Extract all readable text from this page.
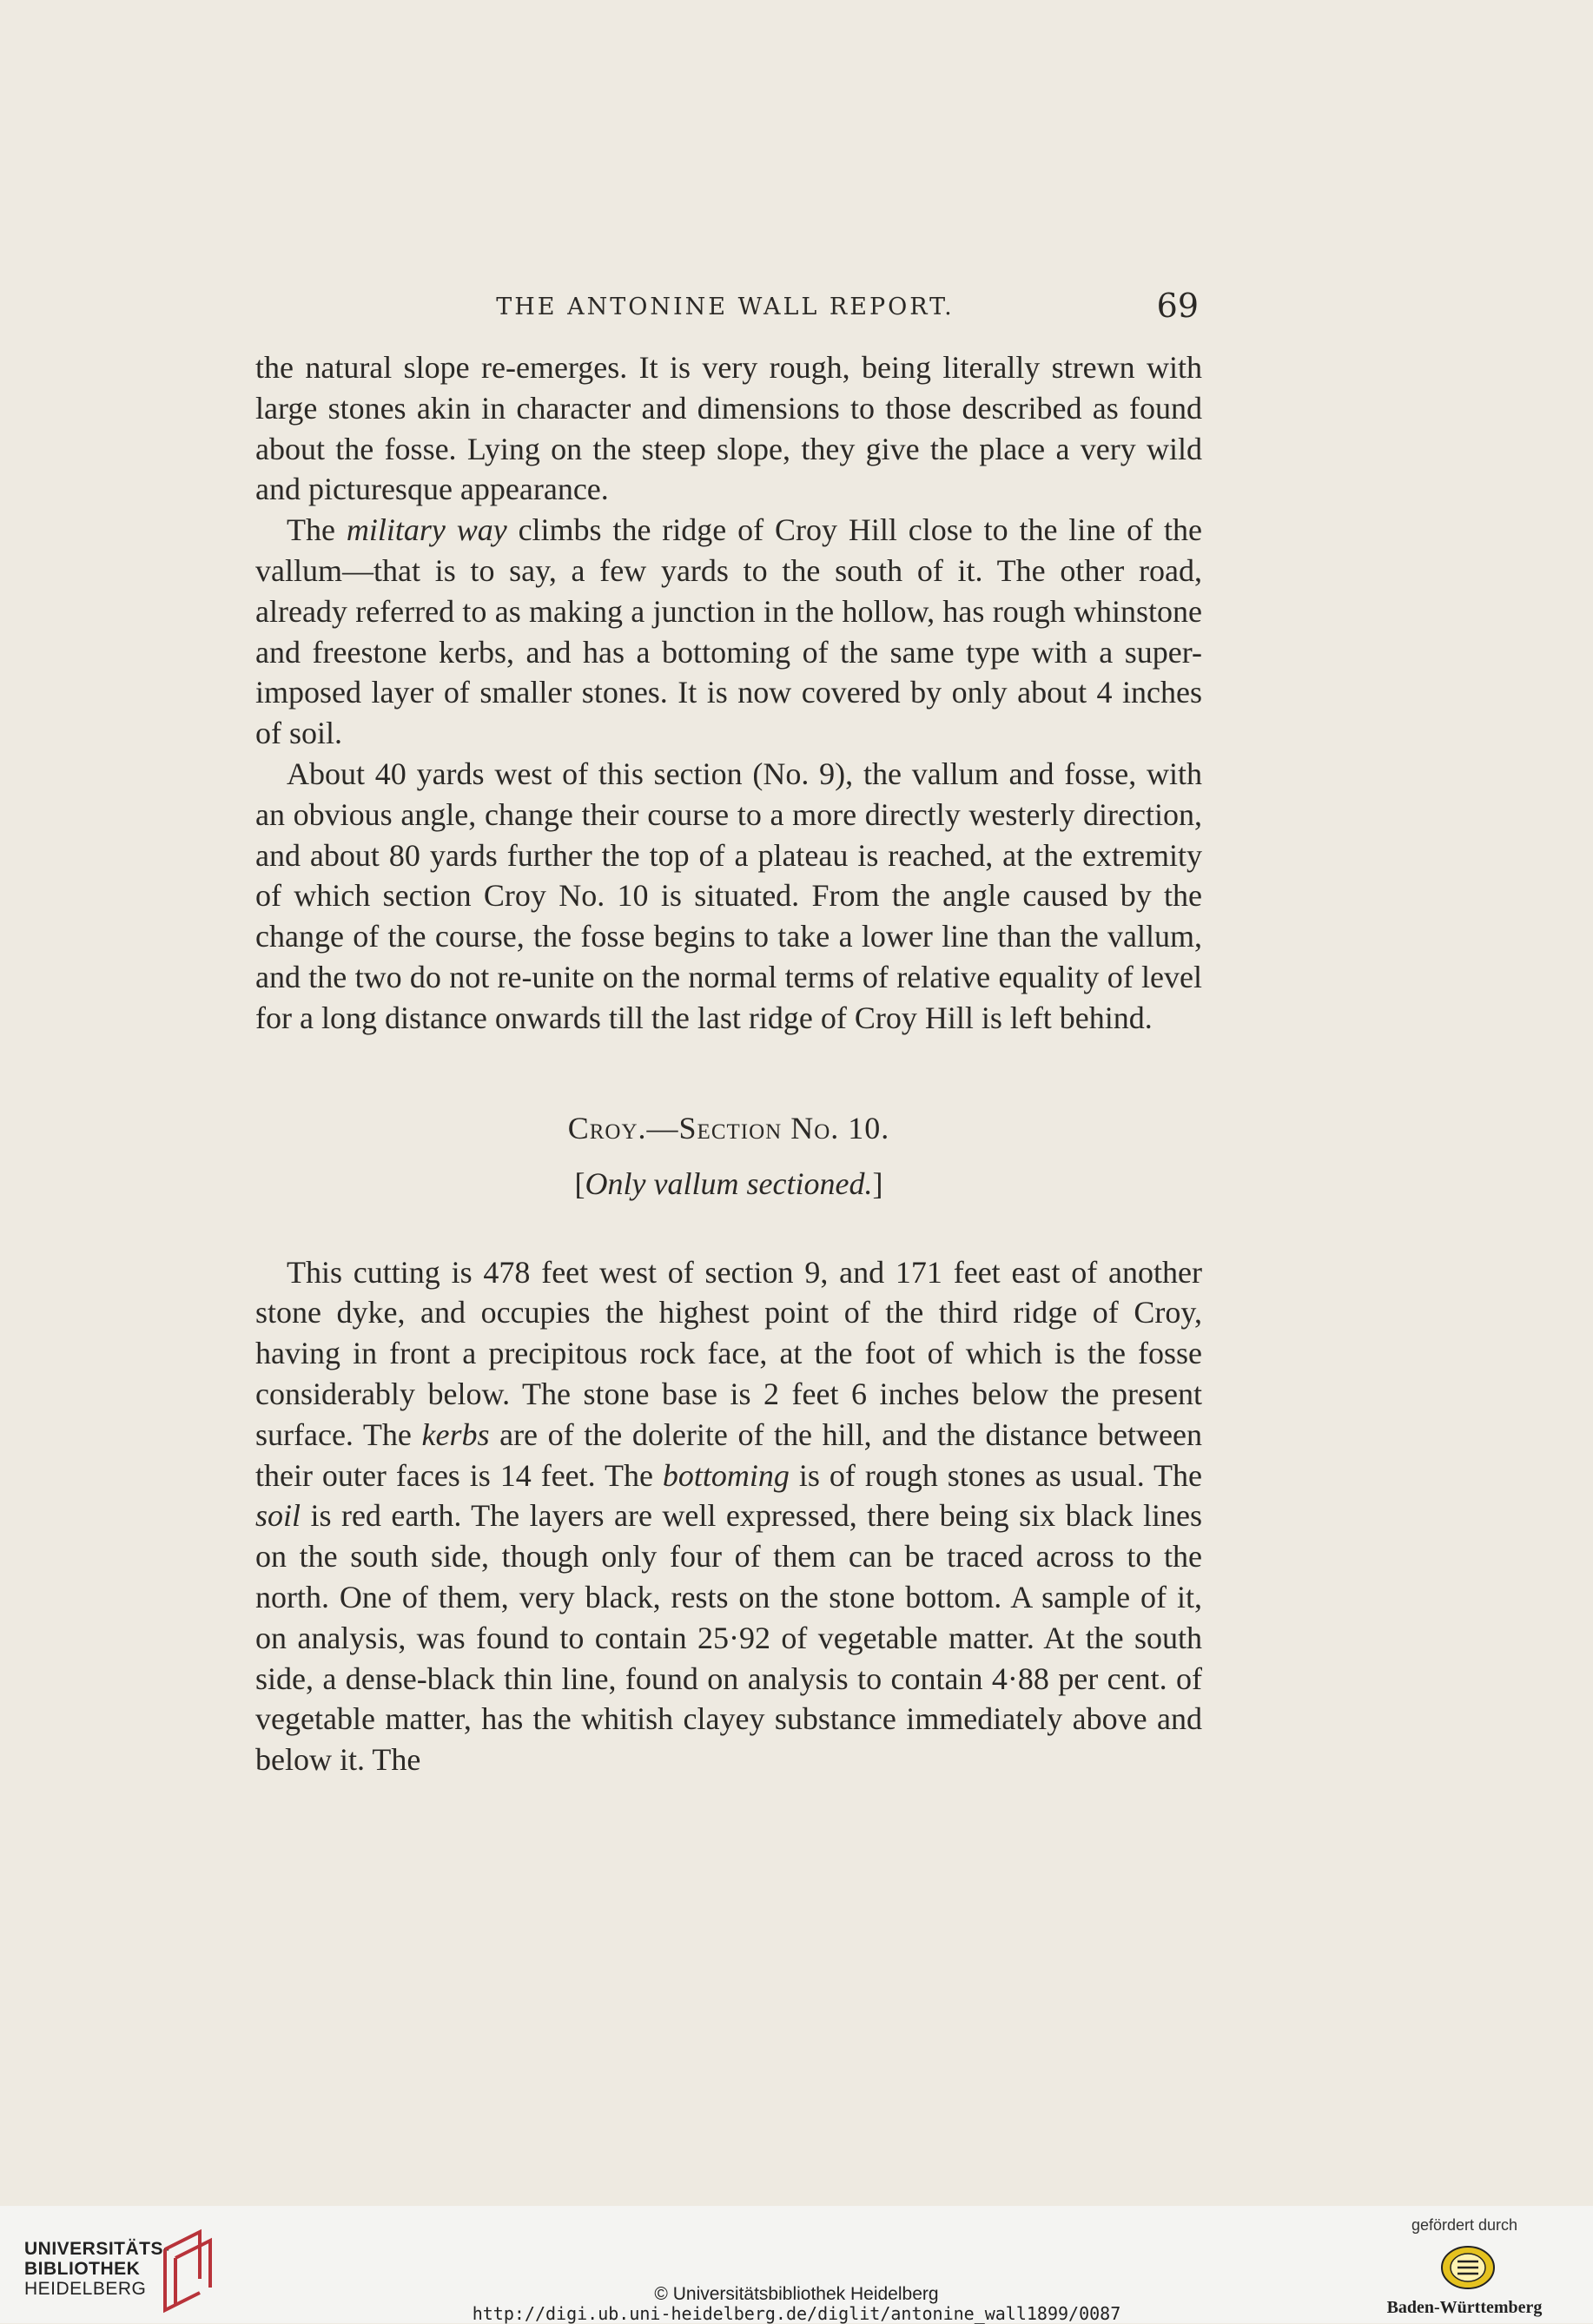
THE ANTONINE WALL REPORT.	69

the natural slope re-emerges. It is very rough, being literally strewn with large stones akin in character and dimensions to those described as found about the fosse. Lying on the steep slope, they give the place a very wild and picturesque appearance.

The military way climbs the ridge of Croy Hill close to the line of the vallum—that is to say, a few yards to the south of it. The other road, already referred to as making a junction in the hollow, has rough whinstone and freestone kerbs, and has a bottoming of the same type with a super-imposed layer of smaller stones. It is now covered by only about 4 inches of soil.

About 40 yards west of this section (No. 9), the vallum and fosse, with an obvious angle, change their course to a more directly westerly direction, and about 80 yards further the top of a plateau is reached, at the extremity of which section Croy No. 10 is situated. From the angle caused by the change of the course, the fosse begins to take a lower line than the vallum, and the two do not re-unite on the normal terms of relative equality of level for a long distance onwards till the last ridge of Croy Hill is left behind.

Croy.—Section No. 10.
[Only vallum sectioned.]

This cutting is 478 feet west of section 9, and 171 feet east of another stone dyke, and occupies the highest point of the third ridge of Croy, having in front a precipitous rock face, at the foot of which is the fosse considerably below. The stone base is 2 feet 6 inches below the present surface. The kerbs are of the dolerite of the hill, and the distance between their outer faces is 14 feet. The bottoming is of rough stones as usual. The soil is red earth. The layers are well expressed, there being six black lines on the south side, though only four of them can be traced across to the north. One of them, very black, rests on the stone bottom. A sample of it, on analysis, was found to contain 25·92 of vegetable matter. At the south side, a dense-black thin line, found on analysis to contain 4·88 per cent. of vegetable matter, has the whitish clayey substance immediately above and below it. The

UNIVERSITÄTS-
BIBLIOTHEK
HEIDELBERG	© Universitätsbibliothek Heidelberg
http://digi.ub.uni-heidelberg.de/diglit/antonine_wall1899/0087
gefördert durch
Baden-Württemberg
